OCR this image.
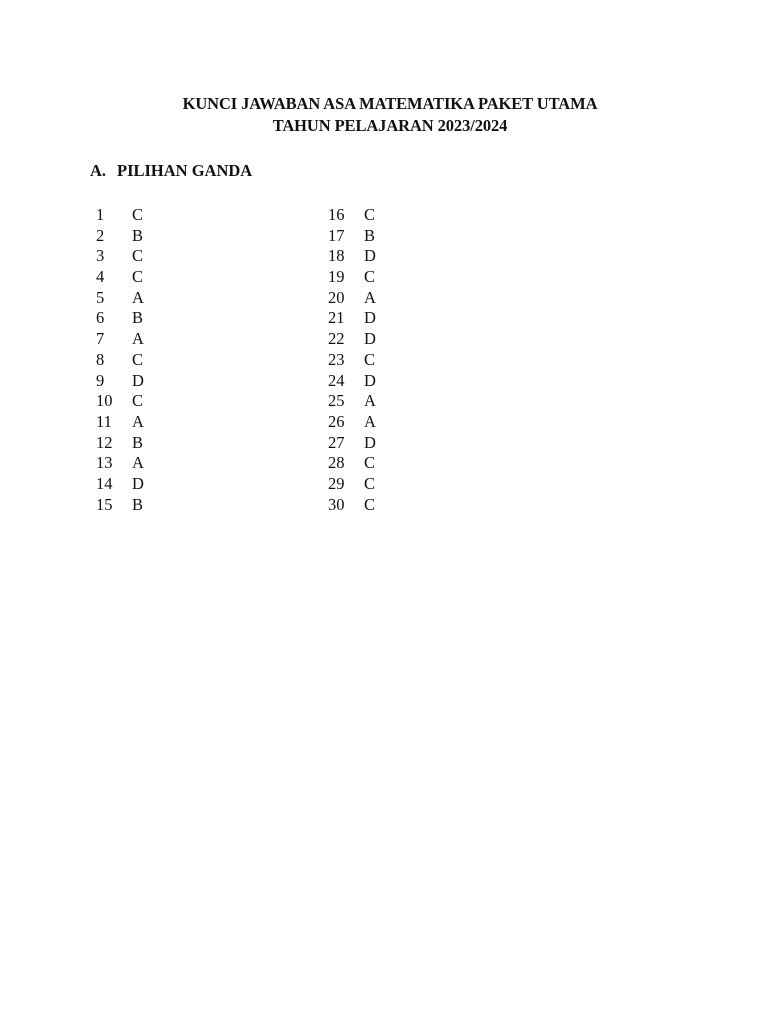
KUNCI JAWABAN ASA MATEMATIKA PAKET UTAMA
TAHUN PELAJARAN 2023/2024
A. PILIHAN GANDA
1	C
2	B
3	C
4	C
5	A
6	B
7	A
8	C
9	D
10	C
11	A
12	B
13	A
14	D
15	B
16	C
17	B
18	D
19	C
20	A
21	D
22	D
23	C
24	D
25	A
26	A
27	D
28	C
29	C
30	C
